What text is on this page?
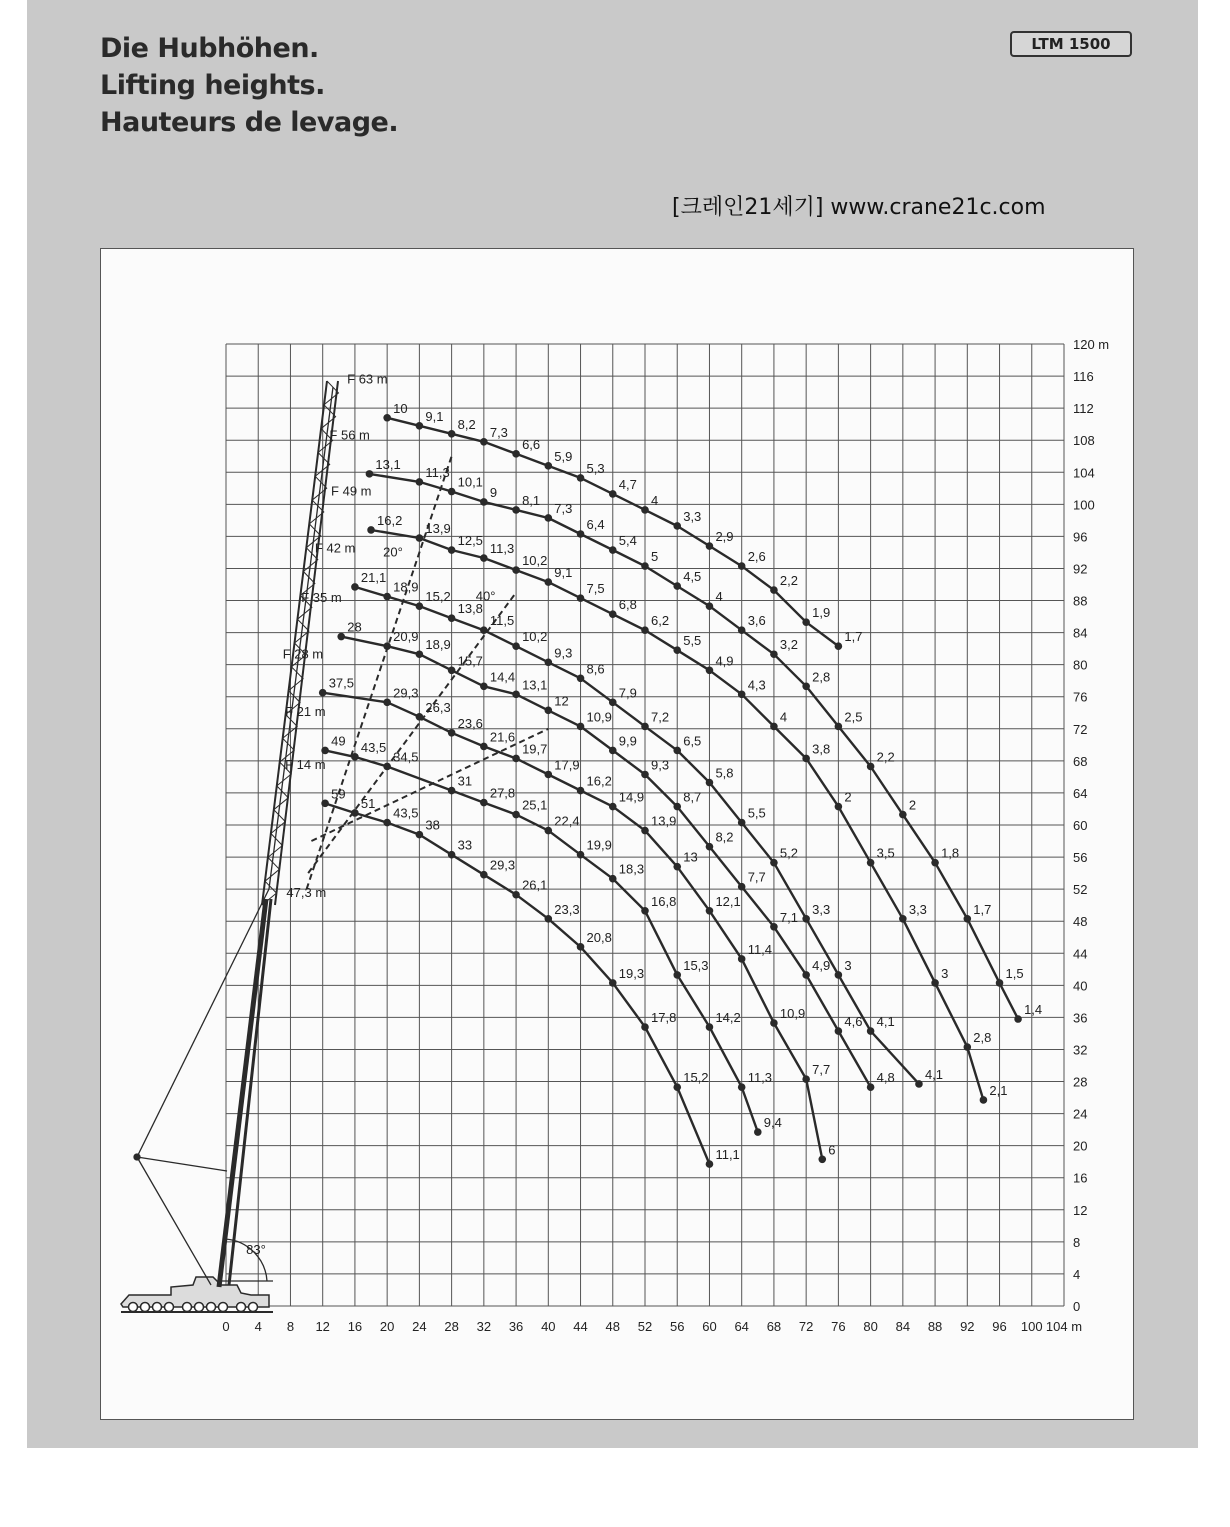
Die Hubhöhen.
Lifting heights.
Hauteurs de levage.
LTM 1500
[크레인21세기] www.crane21c.com
59
51
43,5
38
33
29,3
26,1
23,3
20,8
19,3
17,8
15,2
11,1
F 14 m
49 43,5
34,5
31
27,8
25,1
22,4
19,9
18,3
16,8
15,3
14,2
11,3
9,4
F 21 m
37,5
29,3
26,3
23,6
21,6
19,7
17,9
16,2
14,9
13,9
13
12,1
11,4
10,9
7,7
6
F 28 m
28
20,9
18,9
15,7
14,4
13,1
12
10,9
9,9
9,3
8,7
8,2
7,7
7,1
4,9
4,6
4,8
F 35 m
21,1
18,9
15,2
13,8
11,5
10,2
9,3
8,6
7,9
7,2
6,5
5,8
5,5
5,2
3,3
3
4,1
4,1
F 42 m
16,2
13,9
12,5
11,3
10,2
9,1
7,5
6,8
6,2
5,5
4,9
4,3
4
3,8
2
3,5
3,3
3
2,8
2,1
F 49 m
13,1
11,3
10,1
9
8,1
7,3
6,4
5,4
5
4,5
4
3,6
3,2
2,8
2,5
2,2
2
1,8
1,7
1,5
1,4
F 56 m
10
9,1
8,2
7,3
6,6
5,9
5,3
4,7
4
3,3
2,9
2,6
2,2
1,9
1,7
F 63 m
47,3 m
20°
40°
83°
0 4 8 12 16 20 24 28 32 36 40 44 48 52 56 60 64 68 72 76 80 84 88 92 96 100 104 m
0
4
8
12
16
20
24
28
32
36
40
44
48
52
56
60
64
68
72
76
80
84
88
92
96
100
104
108
112
116
120 m
